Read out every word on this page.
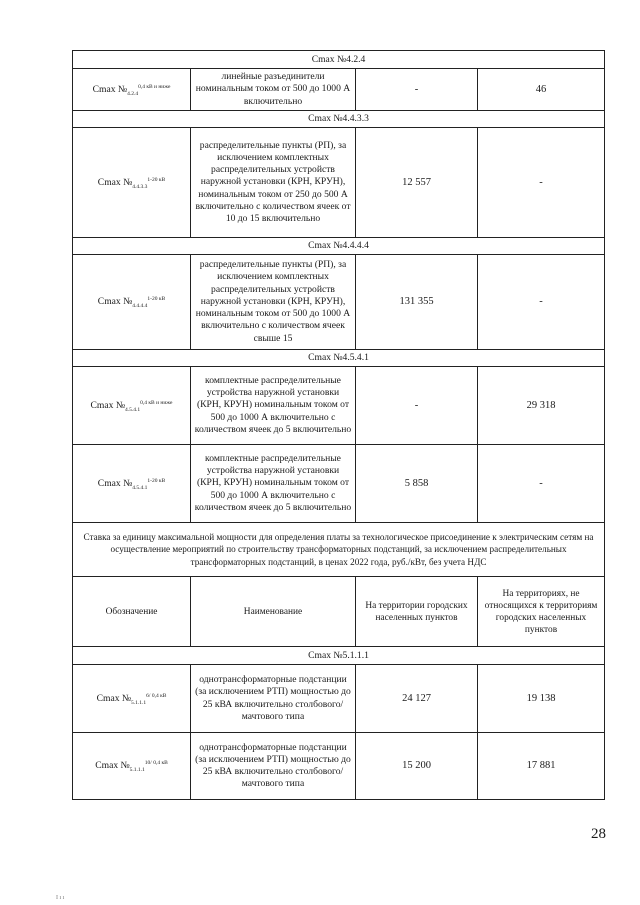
Cmax №4.2.4			
Cmax $№_{4.2.4}^{0,4 кВ и ниже}$	линейные разъединители номинальным током от 500 до 1000 А включительно	-	46
Cmax №4.4.3.3			
Cmax $№_{4.4.3.3}^{1-20 кВ}$	распределительные пункты (РП), за исключением комплектных распределительных устройств наружной установки (КРН, КРУН), номинальным током от 250 до 500 А включительно с количеством ячеек от 10 до 15 включительно	12 557	-
Cmax №4.4.4.4			
Cmax $№_{4.4.4.4}^{1-20 кВ}$	распределительные пункты (РП), за исключением комплектных распределительных устройств наружной установки (КРН, КРУН), номинальным током от 500 до 1000 А включительно с количеством ячеек свыше 15	131 355	-
Cmax №4.5.4.1			
Cmax $№_{4.5.4.1}^{0,4 кВ и ниже}$	комплектные распределительные устройства наружной установки (КРН, КРУН) номинальным током от 500 до 1000 А включительно с количеством ячеек до 5 включительно	-	29 318
Cmax $№_{4.5.4.1}^{1-20 кВ}$	комплектные распределительные устройства наружной установки (КРН, КРУН) номинальным током от 500 до 1000 А включительно с количеством ячеек до 5 включительно	5 858	-
Ставка за единицу максимальной мощности для определения платы за технологическое присоединение к электрическим сетям на осуществление мероприятий по строительству трансформаторных подстанций, за исключением распределительных трансформаторных подстанций, в ценах 2022 года, руб./кВт, без учета НДС			
Обозначение	Наименование	На территории городских населенных пунктов	На территориях, не относящихся к территориям городских населенных пунктов
Cmax №5.1.1.1			
Cmax $№_{5.1.1.1}^{6/ 0,4 кВ}$	однотрансформаторные подстанции (за исключением РТП) мощностью до 25 кВА включительно столбового/мачтового типа	24 127	19 138
Cmax $№_{5.1.1.1}^{10/ 0,4 кВ}$	однотрансформаторные подстанции (за исключением РТП) мощностью до 25 кВА включительно столбового/мачтового типа	15 200	17 881
28
I ı ı
